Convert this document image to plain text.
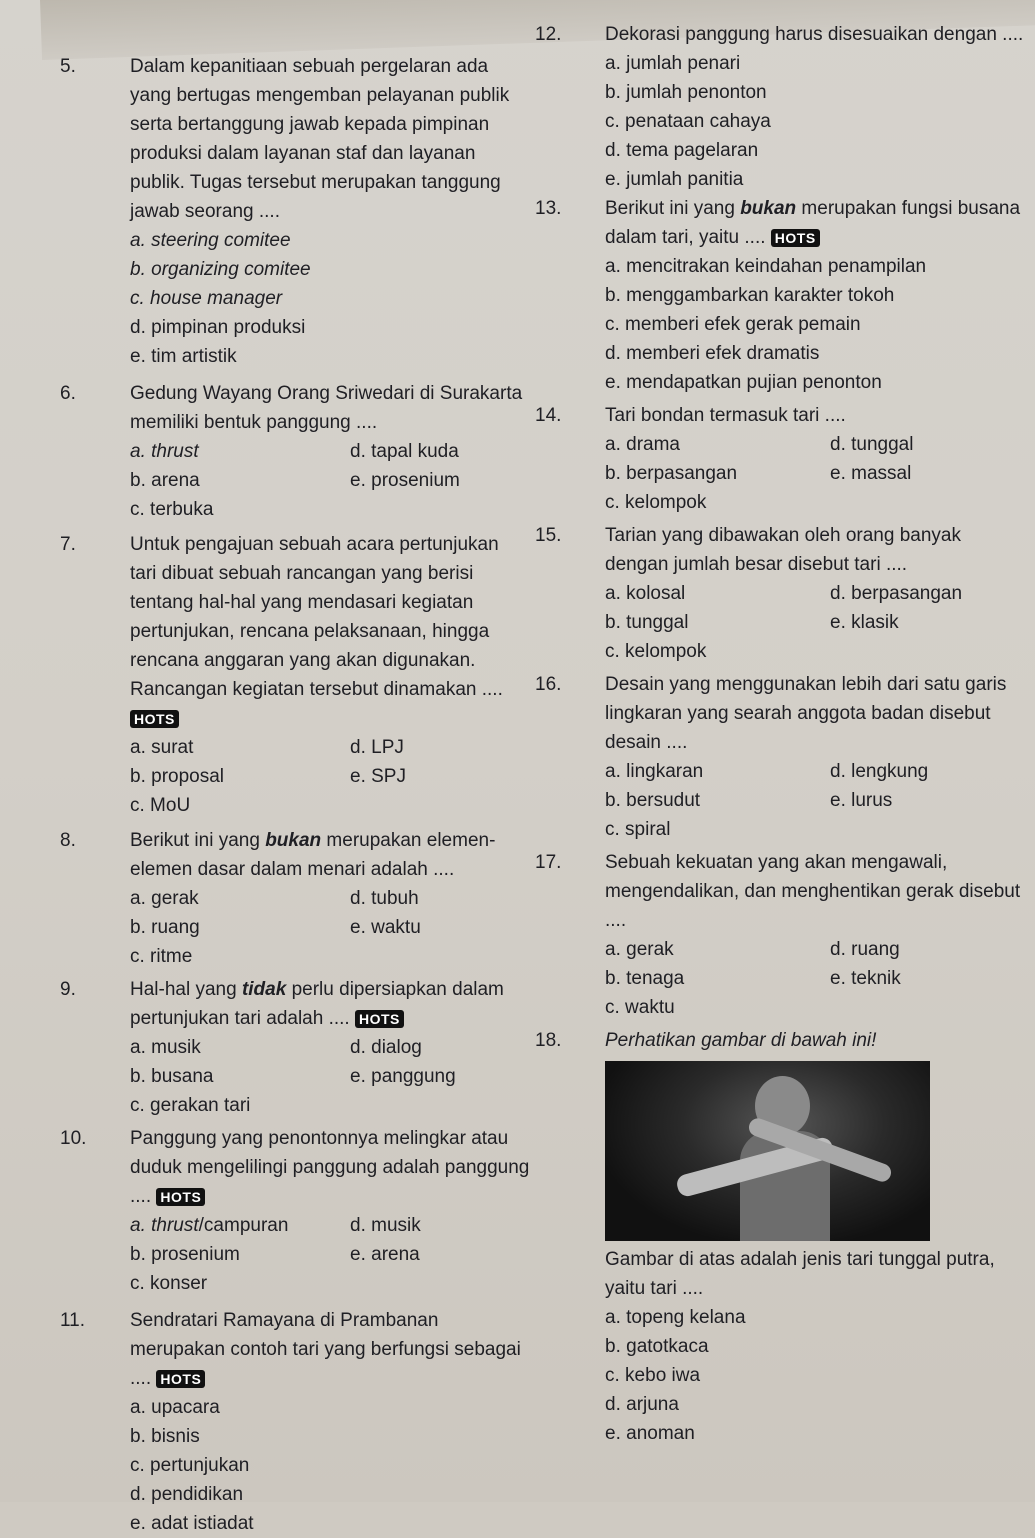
5.	Dalam kepanitiaan sebuah pergelaran ada yang bertugas mengemban pelayanan publik serta bertanggung jawab kepada pimpinan produksi dalam layanan staf dan layanan publik. Tugas tersebut merupakan tanggung jawab seorang ....
a. steering comitee
b. organizing comitee
c. house manager
d. pimpinan produksi
e. tim artistik
6.	Gedung Wayang Orang Sriwedari di Surakarta memiliki bentuk panggung ....
a. thrust	d. tapal kuda
b. arena	e. prosenium
c. terbuka
7.	Untuk pengajuan sebuah acara pertunjukan tari dibuat sebuah rancangan yang berisi tentang hal-hal yang mendasari kegiatan pertunjukan, rencana pelaksanaan, hingga rencana anggaran yang akan digunakan. Rancangan kegiatan tersebut dinamakan .... HOTS
a. surat	d. LPJ
b. proposal	e. SPJ
c. MoU
8.	Berikut ini yang bukan merupakan elemen-elemen dasar dalam menari adalah ....
a. gerak	d. tubuh
b. ruang	e. waktu
c. ritme
9.	Hal-hal yang tidak perlu dipersiapkan dalam pertunjukan tari adalah .... HOTS
a. musik	d. dialog
b. busana	e. panggung
c. gerakan tari
10.	Panggung yang penontonnya melingkar atau duduk mengelilingi panggung adalah panggung .... HOTS
a. thrust/campuran	d. musik
b. prosenium	e. arena
c. konser
11.	Sendratari Ramayana di Prambanan merupakan contoh tari yang berfungsi sebagai .... HOTS
a. upacara
b. bisnis
c. pertunjukan
d. pendidikan
e. adat istiadat
12.	Dekorasi panggung harus disesuaikan dengan ....
a. jumlah penari
b. jumlah penonton
c. penataan cahaya
d. tema pagelaran
e. jumlah panitia
13.	Berikut ini yang bukan merupakan fungsi busana dalam tari, yaitu .... HOTS
a. mencitrakan keindahan penampilan
b. menggambarkan karakter tokoh
c. memberi efek gerak pemain
d. memberi efek dramatis
e. mendapatkan pujian penonton
14.	Tari bondan termasuk tari ....
a. drama	d. tunggal
b. berpasangan	e. massal
c. kelompok
15.	Tarian yang dibawakan oleh orang banyak dengan jumlah besar disebut tari ....
a. kolosal	d. berpasangan
b. tunggal	e. klasik
c. kelompok
16.	Desain yang menggunakan lebih dari satu garis lingkaran yang searah anggota badan disebut desain ....
a. lingkaran	d. lengkung
b. bersudut	e. lurus
c. spiral
17.	Sebuah kekuatan yang akan mengawali, mengendalikan, dan menghentikan gerak disebut ....
a. gerak	d. ruang
b. tenaga	e. teknik
c. waktu
18.	Perhatikan gambar di bawah ini!
Gambar di atas adalah jenis tari tunggal putra, yaitu tari ....
a. topeng kelana
b. gatotkaca
c. kebo iwa
d. arjuna
e. anoman
